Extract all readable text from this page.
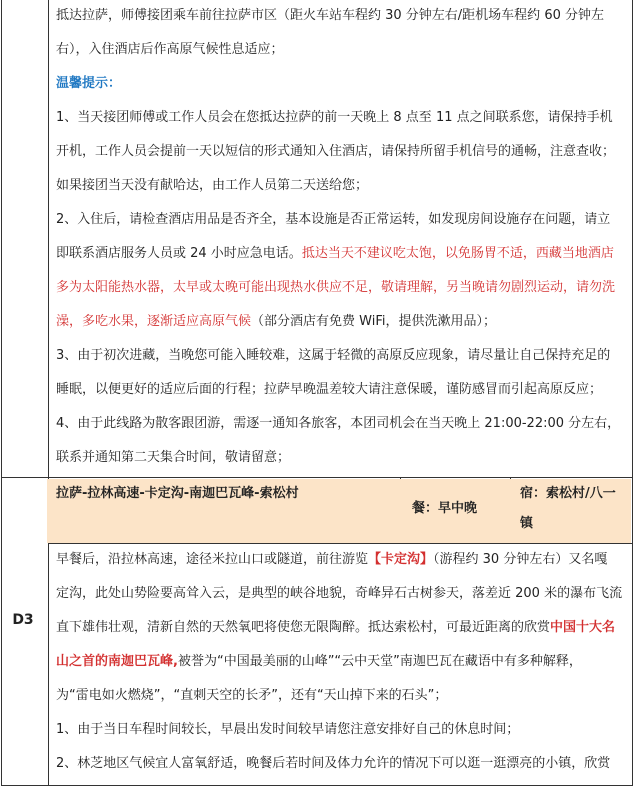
抵达拉萨，师傅接团乘车前往拉萨市区（距火车站车程约 30 分钟左右/距机场车程约 60 分钟左

右），入住酒店后作高原气候性息适应；

温馨提示：

1、当天接团师傅或工作人员会在您抵达拉萨的前一天晚上 8 点至 11 点之间联系您，请保持手机

开机，工作人员会提前一天以短信的形式通知入住酒店，请保持所留手机信号的通畅，注意查收；

如果接团当天没有献哈达，由工作人员第二天送给您；

2、入住后，请检查酒店用品是否齐全，基本设施是否正常运转，如发现房间设施存在问题，请立

即联系酒店服务人员或 24 小时应急电话。抵达当天不建议吃太饱，以免肠胃不适，西藏当地酒店

多为太阳能热水器，太早或太晚可能出现热水供应不足，敬请理解，另当晚请勿剧烈运动，请勿洗

澡，多吃水果，逐渐适应高原气候（部分酒店有免费 WiFi，提供洗漱用品）；

3、由于初次进藏，当晚您可能入睡较难，这属于轻微的高原反应现象，请尽量让自己保持充足的

睡眠，以便更好的适应后面的行程；拉萨早晚温差较大请注意保暖，谨防感冒而引起高原反应；

4、由于此线路为散客跟团游，需逐一通知各旅客，本团司机会在当天晚上 21:00-22:00 分左右，

联系并通知第二天集合时间，敬请留意；

拉萨-拉林高速-卡定沟-南迦巴瓦峰-索松村
餐：早中晚
宿：索松村/八一
镇
D3

早餐后，沿拉林高速，途径米拉山口或隧道，前往游览【卡定沟】（游程约 30 分钟左右）又名嘎

定沟，此处山势险要高耸入云，是典型的峡谷地貌，奇峰异石古树参天，落差近 200 米的瀑布飞流

直下雄伟壮观，清新自然的天然氧吧将使您无限陶醉。抵达索松村，可最近距离的欣赏中国十大名

山之首的南迦巴瓦峰,被誉为“中国最美丽的山峰”“云中天堂”南迦巴瓦在藏语中有多种解释，

为“雷电如火燃烧”，“直刺天空的长矛”，还有“天山掉下来的石头”；

1、由于当日车程时间较长，早晨出发时间较早请您注意安排好自己的休息时间；

2、林芝地区气候宜人富氧舒适，晚餐后若时间及体力允许的情况下可以逛一逛漂亮的小镇，欣赏
